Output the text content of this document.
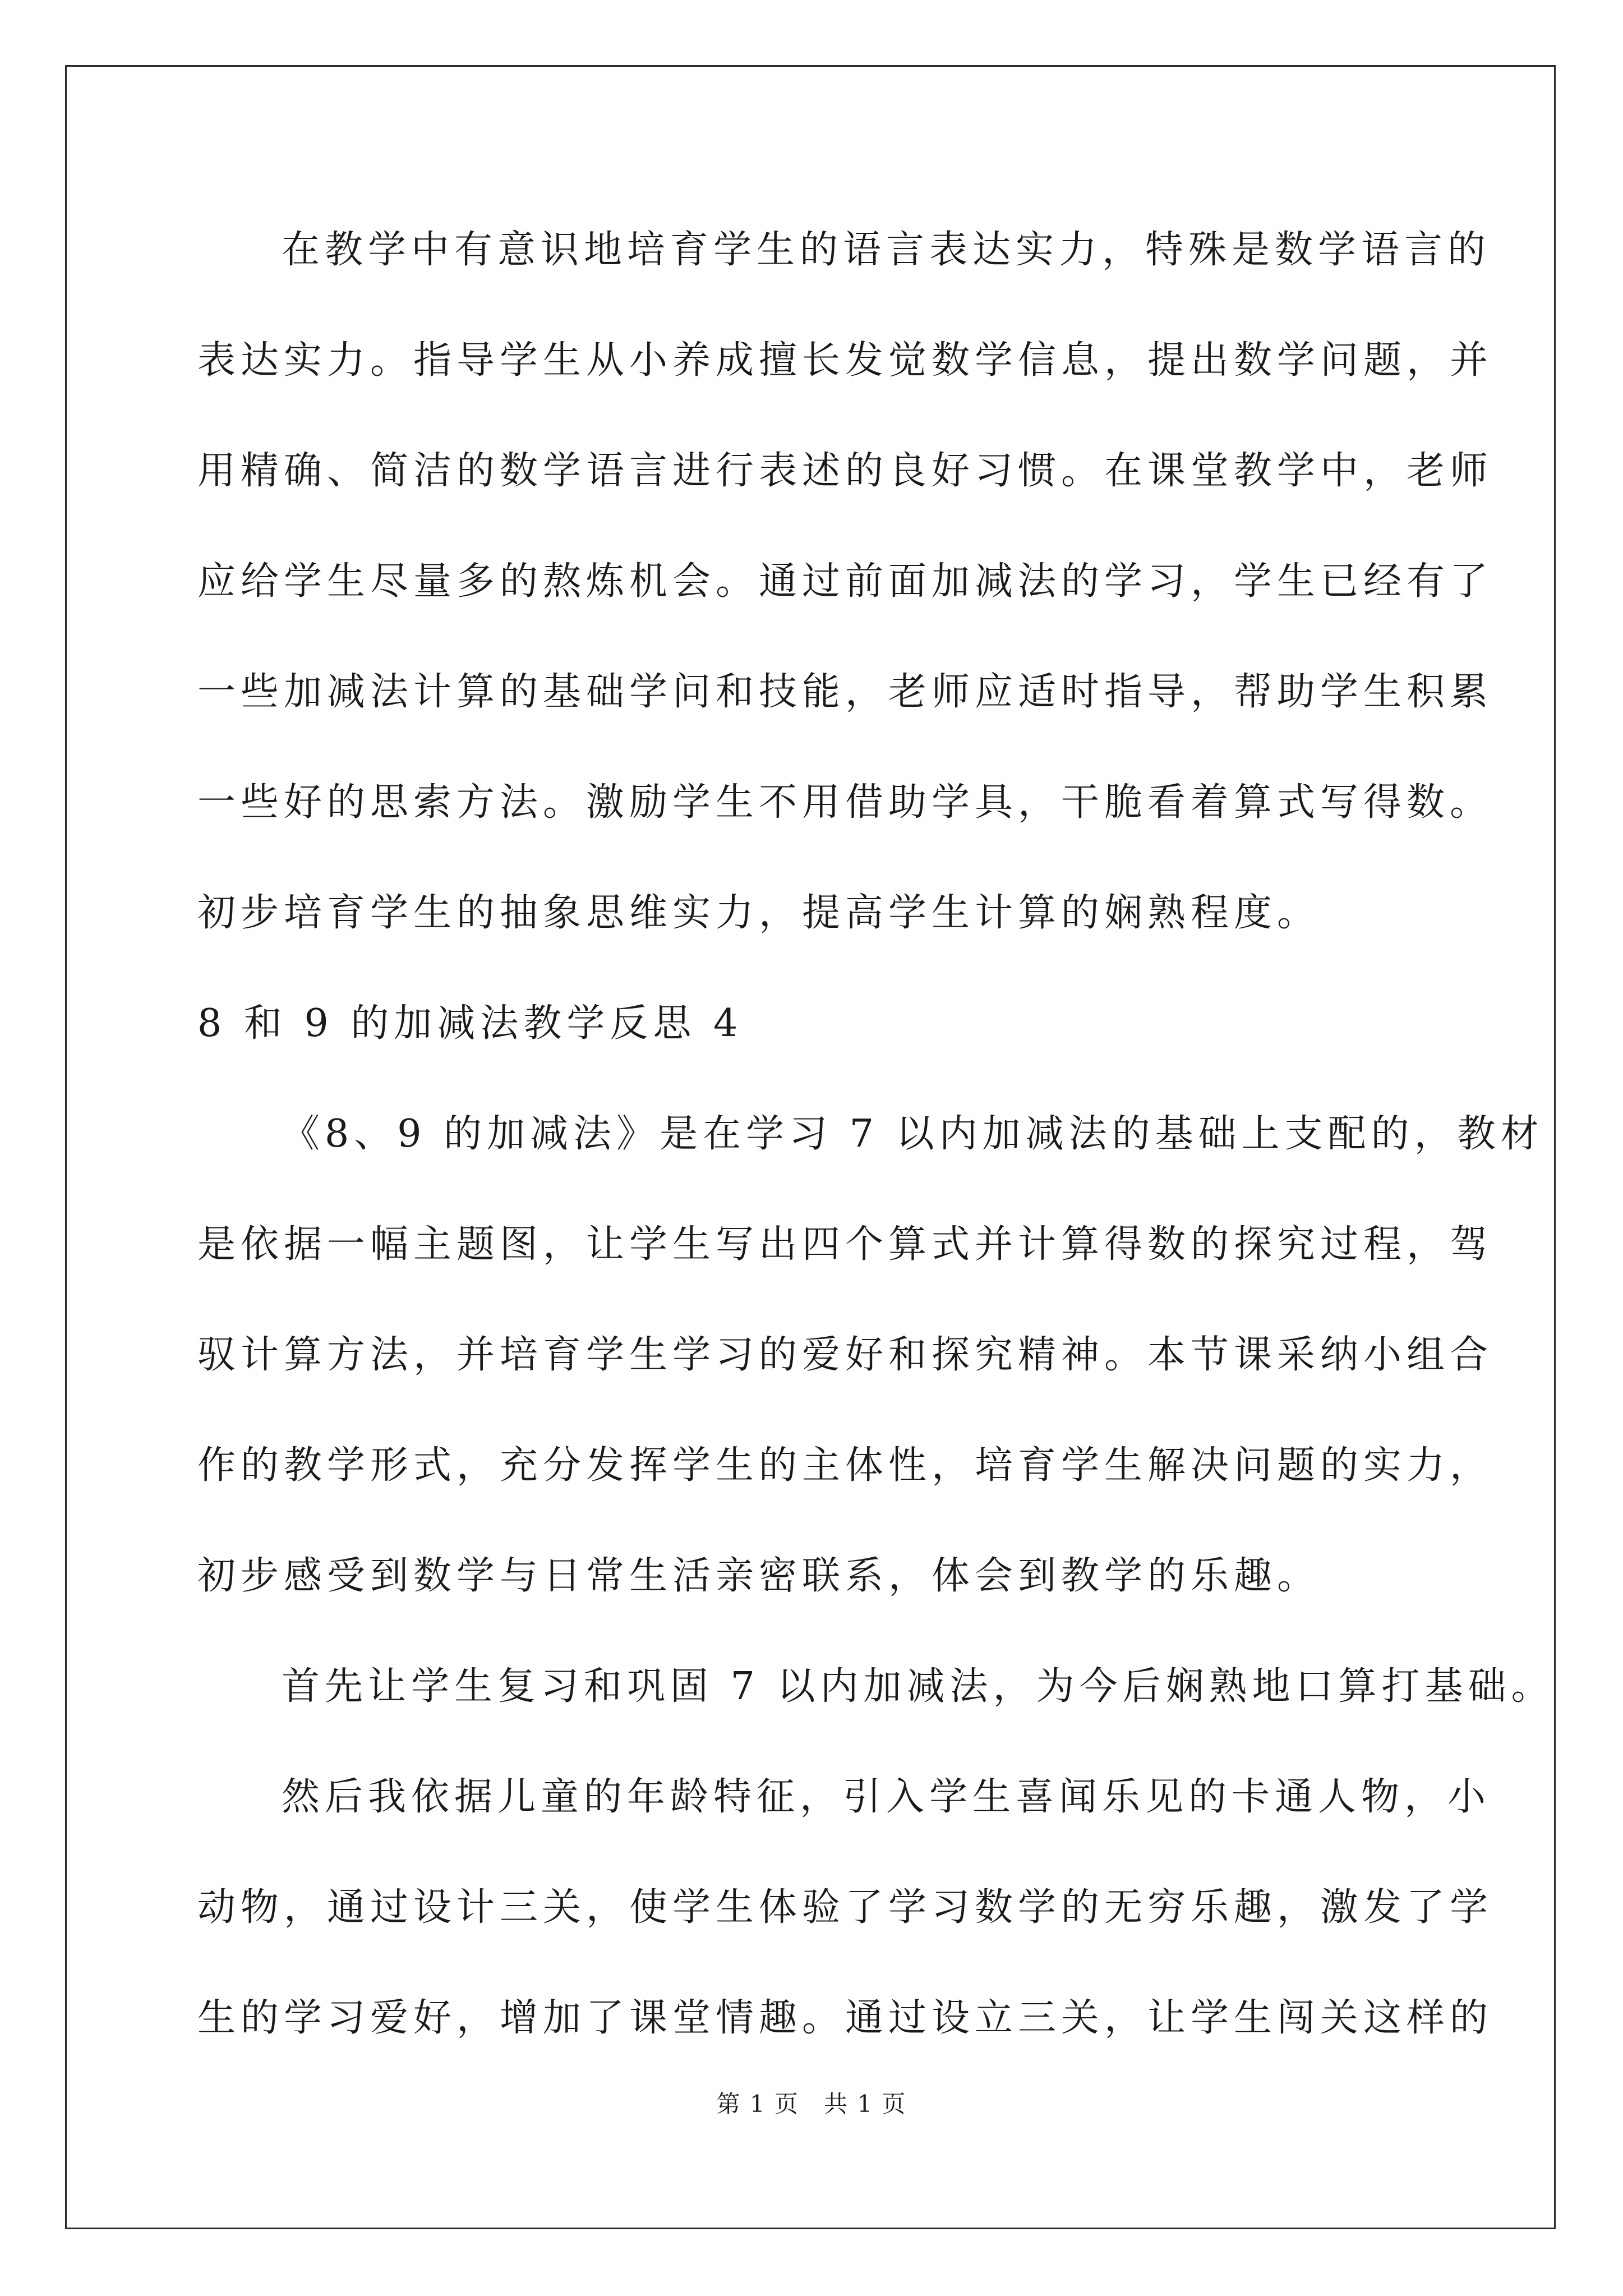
在教学中有意识地培育学生的语言表达实力，特殊是数学语言的
表达实力。指导学生从小养成擅长发觉数学信息，提出数学问题，并
用精确、简洁的数学语言进行表述的良好习惯。在课堂教学中，老师
应给学生尽量多的熬炼机会。通过前面加减法的学习，学生已经有了
一些加减法计算的基础学问和技能，老师应适时指导，帮助学生积累
一些好的思索方法。激励学生不用借助学具，干脆看着算式写得数。
初步培育学生的抽象思维实力，提高学生计算的娴熟程度。
8 和 9 的加减法教学反思 4
《8、9 的加减法》是在学习 7 以内加减法的基础上支配的，教材
是依据一幅主题图，让学生写出四个算式并计算得数的探究过程，驾
驭计算方法，并培育学生学习的爱好和探究精神。本节课采纳小组合
作的教学形式，充分发挥学生的主体性，培育学生解决问题的实力，
初步感受到数学与日常生活亲密联系，体会到教学的乐趣。
首先让学生复习和巩固 7 以内加减法，为今后娴熟地口算打基础。
然后我依据儿童的年龄特征，引入学生喜闻乐见的卡通人物，小
动物，通过设计三关，使学生体验了学习数学的无穷乐趣，激发了学
生的学习爱好，增加了课堂情趣。通过设立三关，让学生闯关这样的
第 1 页　共 1 页
